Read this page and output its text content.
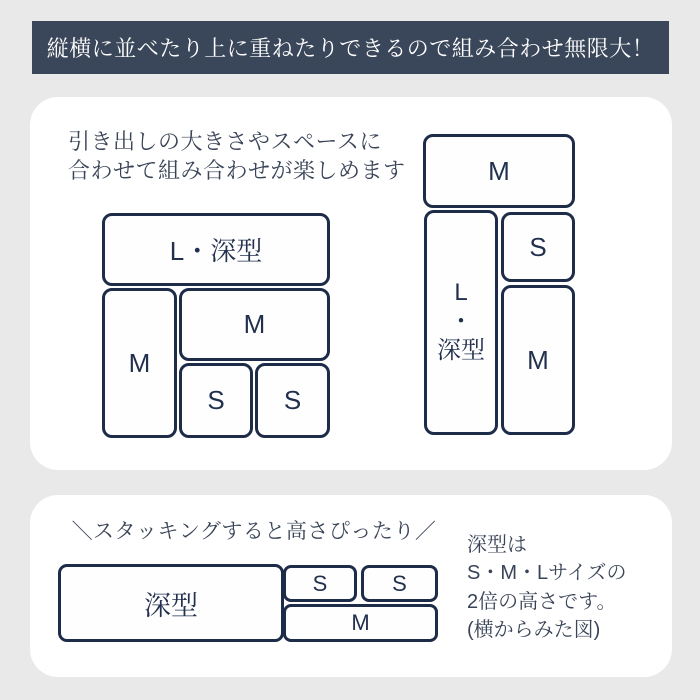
縦横に並べたり上に重ねたりできるので組み合わせ無限大！
引き出しの大きさやスペースに
合わせて組み合わせが楽しめます
L・深型
M
M
S	S
M
L
・
深型
S
M
＼スタッキングすると高さぴったり／
深型
S	S
M
深型は
S・M・Lサイズの
2倍の高さです。
(横からみた図)
